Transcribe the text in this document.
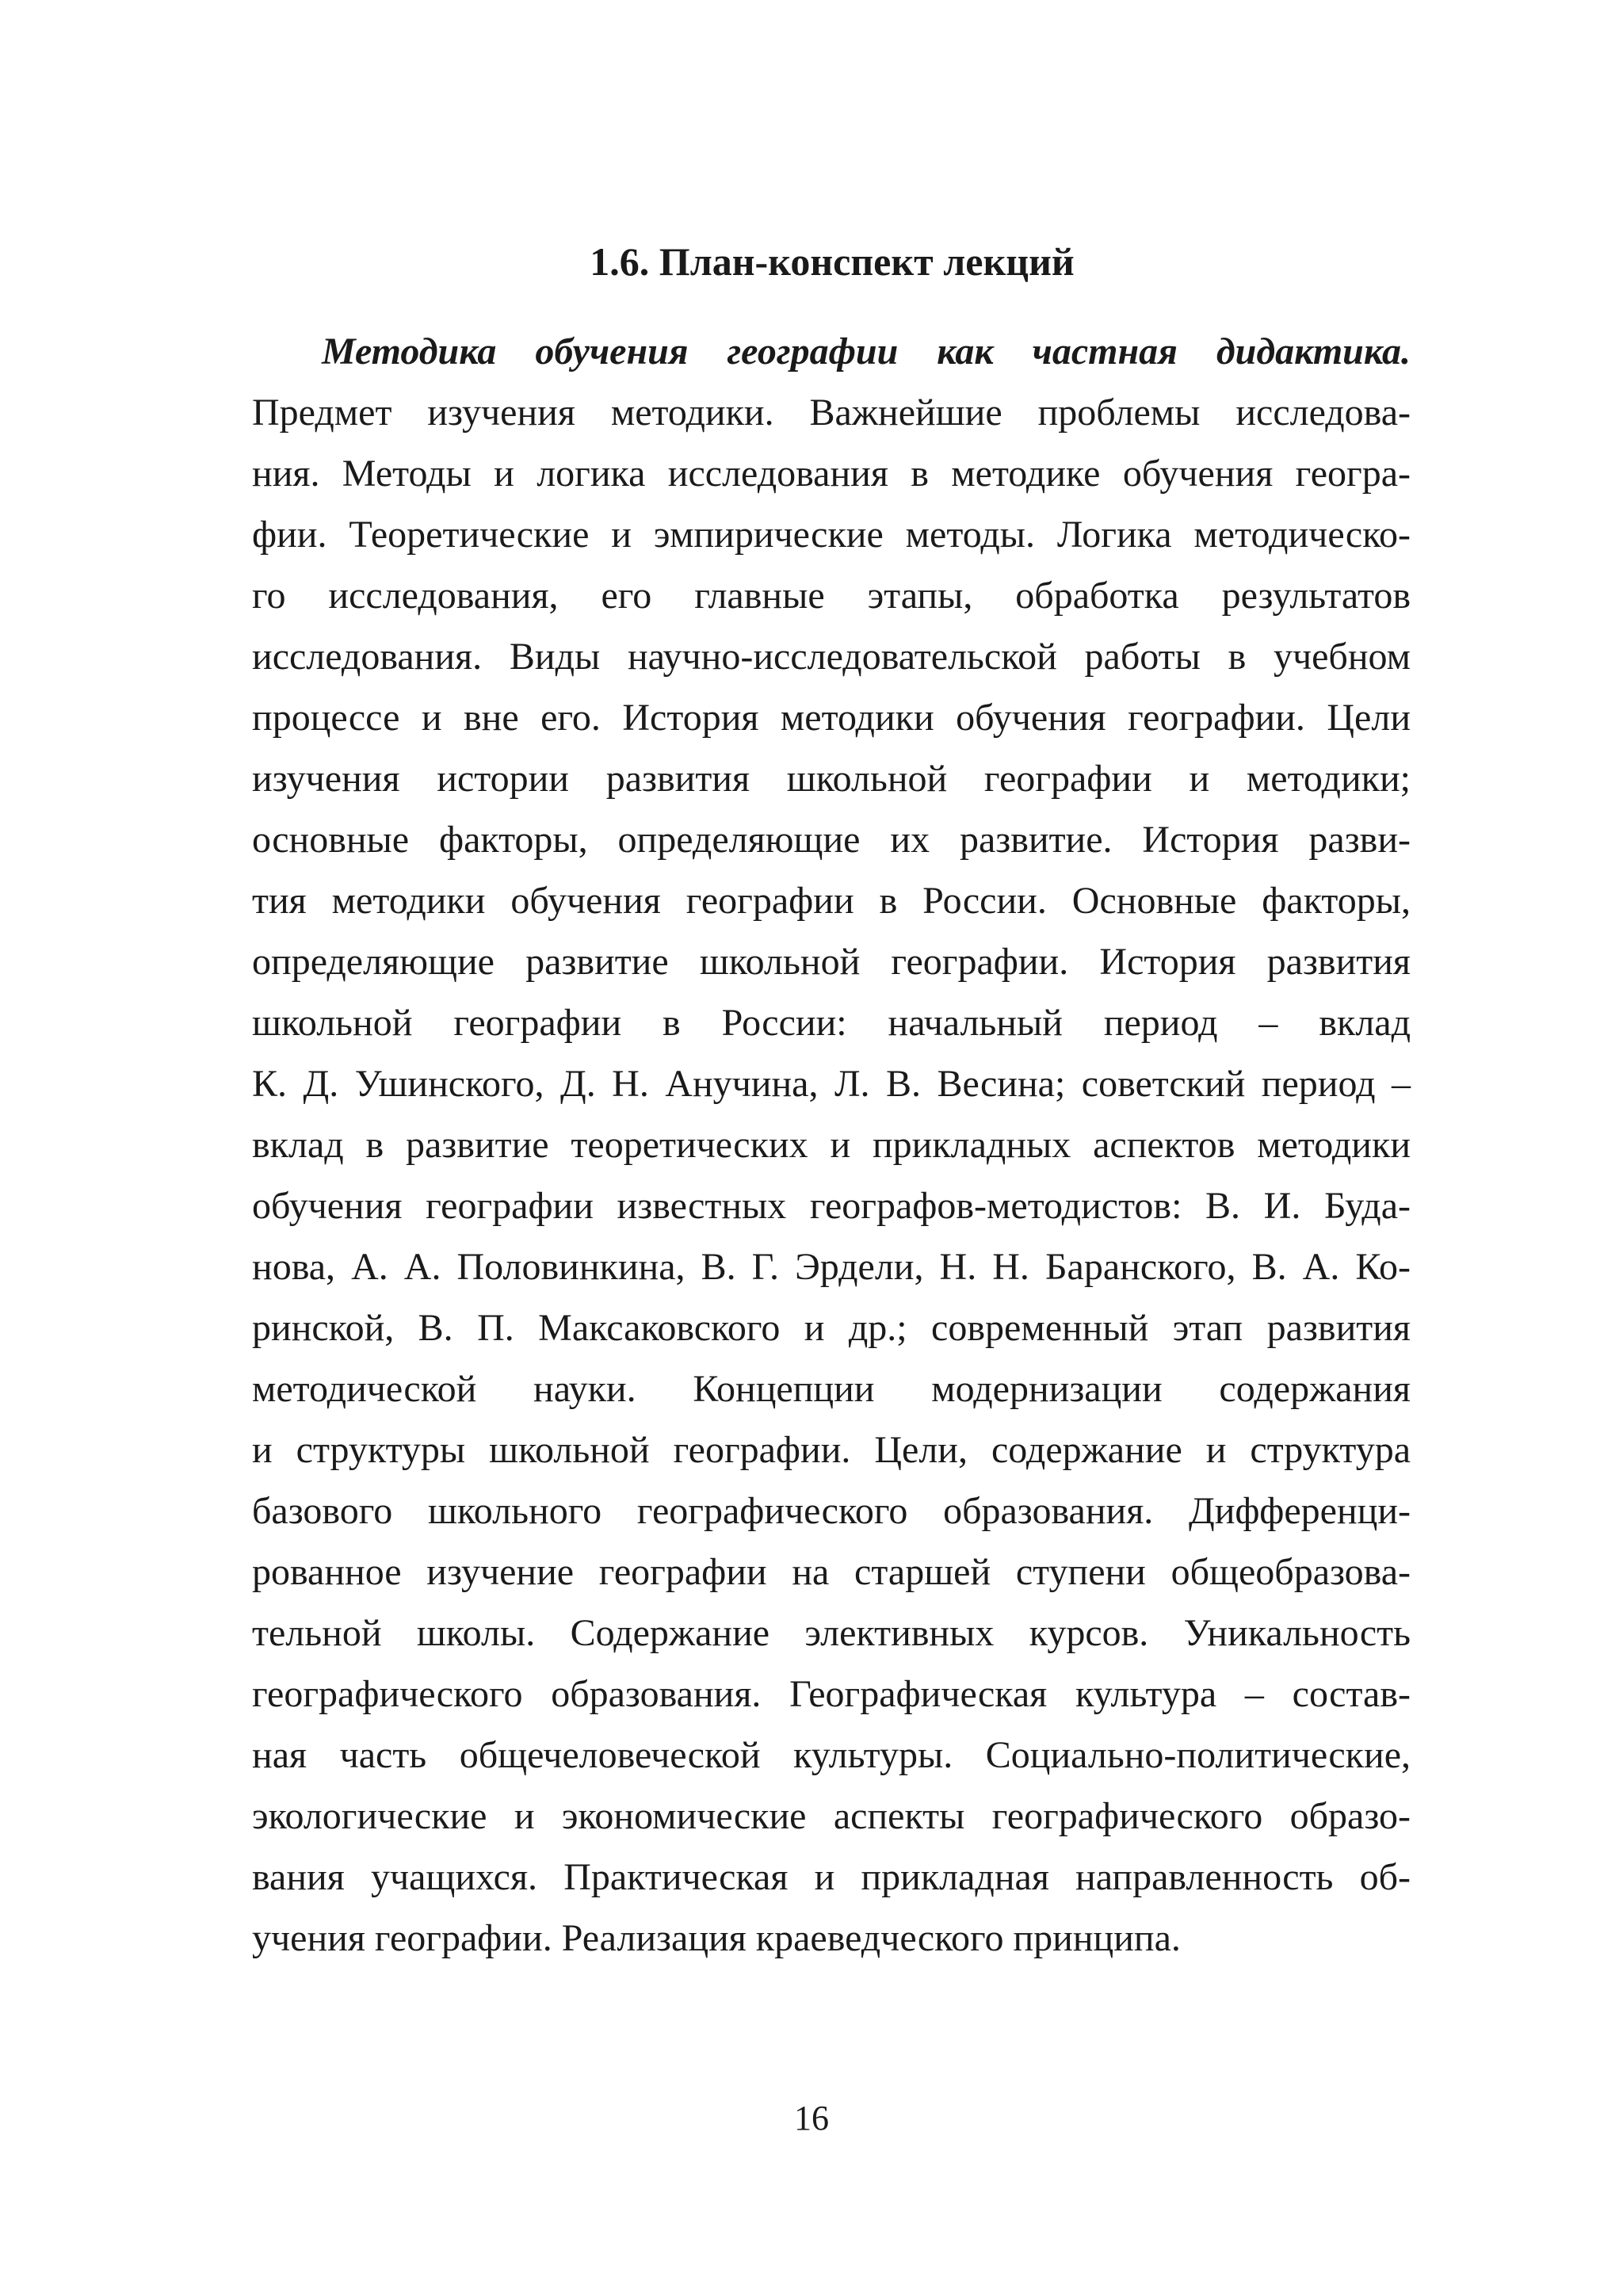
1.6. План-конспект лекций
Методика обучения географии как частная дидактика.
Предмет изучения методики. Важнейшие проблемы исследова-
ния. Методы и логика исследования в методике обучения геогра-
фии. Теоретические и эмпирические методы. Логика методическо-
го исследования, его главные этапы, обработка результатов
исследования. Виды научно-исследовательской работы в учебном
процессе и вне его. История методики обучения географии. Цели
изучения истории развития школьной географии и методики;
основные факторы, определяющие их развитие. История разви-
тия методики обучения географии в России. Основные факторы,
определяющие развитие школьной географии. История развития
школьной географии в России: начальный период – вклад
К. Д. Ушинского, Д. Н. Анучина, Л. В. Весина; советский период –
вклад в развитие теоретических и прикладных аспектов методики
обучения географии известных географов-методистов: В. И. Буда-
нова, А. А. Половинкина, В. Г. Эрдели, Н. Н. Баранского, В. А. Ко-
ринской, В. П. Максаковского и др.; современный этап развития
методической науки. Концепции модернизации содержания
и структуры школьной географии. Цели, содержание и структура
базового школьного географического образования. Дифференци-
рованное изучение географии на старшей ступени общеобразова-
тельной школы. Содержание элективных курсов. Уникальность
географического образования. Географическая культура – состав-
ная часть общечеловеческой культуры. Социально-политические,
экологические и экономические аспекты географического образо-
вания учащихся. Практическая и прикладная направленность об-
учения географии. Реализация краеведческого принципа.
16
